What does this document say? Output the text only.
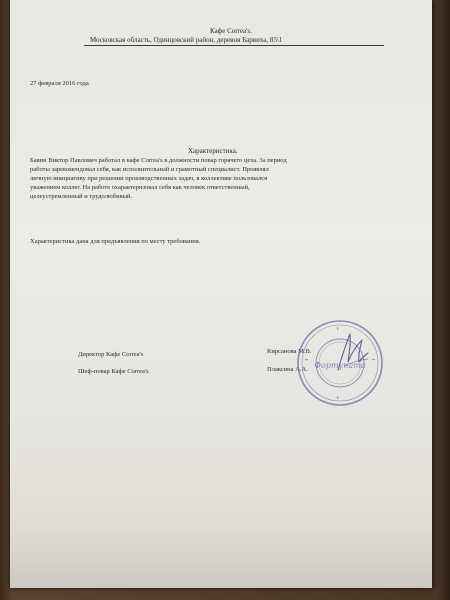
Кафе Correa's.
Московская область, Одинцовский район, деревня Барвиха, 85\1
27 февраля 2016 года
Характеристика.
Бавин Виктор Павлович работал в кафе Correa's в должности повар горячего цеха. За период
работы зарекомендовал себя, как исполнительный и грамотный специалист. Проявлял
личную инициативу при решении производственных задач, в коллективе пользовался
уважением коллег. На работе охарактеризовал себя как человек ответственный,
целеустремленный и трудолюбивый.
Характеристика дана для предъявления по месту требования.
Директор Кафе Correa's
Шеф-повар Кафе Correa's
Кирсанова М.В.
Плаксина А.А. Фортуната
